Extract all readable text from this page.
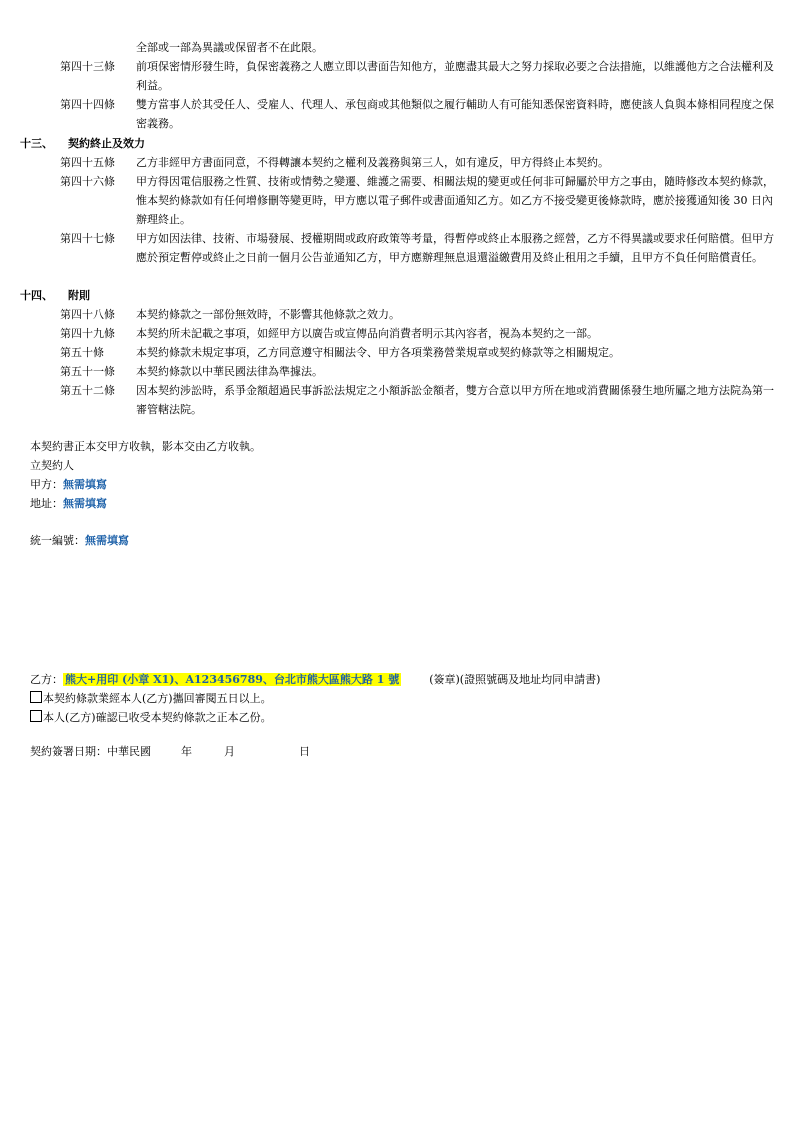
全部或一部為異議或保留者不在此限。
第四十三條 前項保密情形發生時，負保密義務之人應立即以書面告知他方，並應盡其最大之努力採取必要之合法措施，以維護他方之合法權利及利益。
第四十四條 雙方當事人於其受任人、受雇人、代理人、承包商或其他類似之履行輔助人有可能知悉保密資料時，應使該人負與本條相同程度之保密義務。
十三、 契約終止及效力
第四十五條 乙方非經甲方書面同意，不得轉讓本契約之權利及義務與第三人，如有違反，甲方得終止本契約。
第四十六條 甲方得因電信服務之性質、技術或情勢之變遷、維護之需要、相關法規的變更或任何非可歸屬於甲方之事由，隨時修改本契約條款，惟本契約條款如有任何增修刪等變更時，甲方應以電子郵件或書面通知乙方。如乙方不接受變更後條款時，應於接獲通知後 30 日內辦理終止。
第四十七條 甲方如因法律、技術、市場發展、授權期間或政府政策等考量，得暫停或終止本服務之經營，乙方不得異議或要求任何賠償。但甲方應於預定暫停或終止之日前一個月公告並通知乙方，甲方應辦理無息退還溢繳費用及終止租用之手續，且甲方不負任何賠償責任。
十四、 附則
第四十八條 本契約條款之一部份無效時，不影響其他條款之效力。
第四十九條 本契約所未記載之事項，如經甲方以廣告或宣傳品向消費者明示其內容者，視為本契約之一部。
第五十條	本契約條款未規定事項，乙方同意遵守相關法令、甲方各項業務營業規章或契約條款等之相關規定。
第五十一條 本契約條款以中華民國法律為準據法。
第五十二條 因本契約涉訟時，系爭金額超過民事訴訟法規定之小額訴訟金額者，雙方合意以甲方所在地或消費關係發生地所屬之地方法院為第一審管轄法院。
本契約書正本交甲方收執，影本交由乙方收執。
立契約人
甲方：無需填寫
地址：無需填寫
統一編號：無需填寫
乙方： 熊大+用印 (小章 X1)、A123456789、台北市熊大區熊大路 1 號	(簽章)(證照號碼及地址均同申請書)
本契約條款業經本人(乙方)攜回審閱五日以上。
本人(乙方)確認已收受本契約條款之正本乙份。
契約簽署日期：中華民國	年	月	日
